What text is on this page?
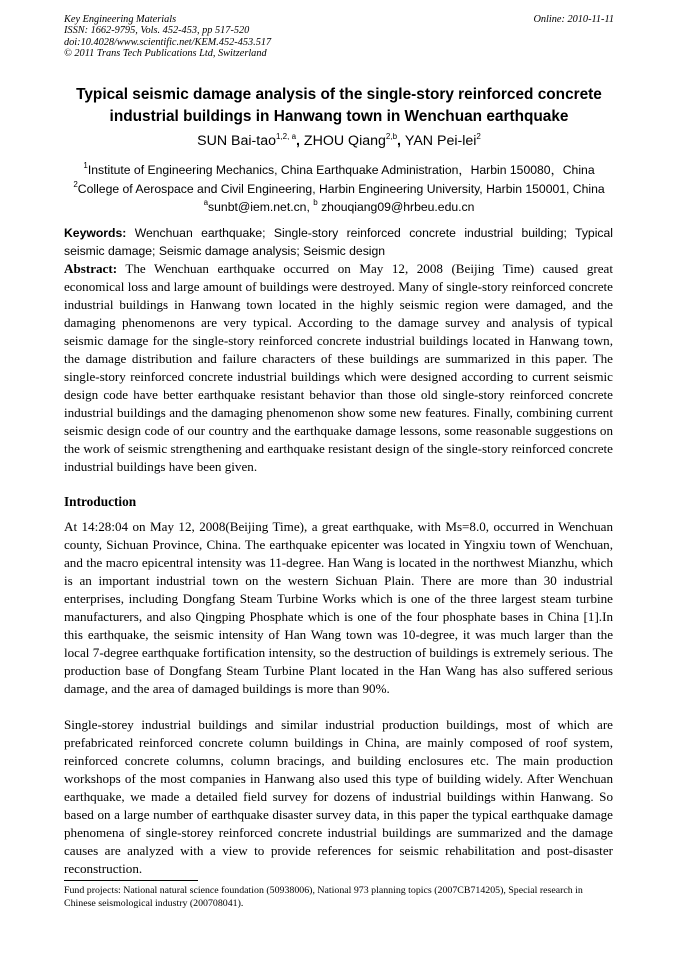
Key Engineering Materials
ISSN: 1662-9795, Vols. 452-453, pp 517-520
doi:10.4028/www.scientific.net/KEM.452-453.517
© 2011 Trans Tech Publications Ltd, Switzerland
Online: 2010-11-11
Typical seismic damage analysis of the single-story reinforced concrete industrial buildings in Hanwang town in Wenchuan earthquake
SUN Bai-tao$^{1,2, a}$, ZHOU Qiang$^{2,b}$, YAN Pei-lei$^2$
$^1$Institute of Engineering Mechanics, China Earthquake Administration，Harbin 150080，China
$^2$College of Aerospace and Civil Engineering, Harbin Engineering University, Harbin 150001, China
$^a$sunbt@iem.net.cn, $^b$ zhouqiang09@hrbeu.edu.cn
Keywords: Wenchuan earthquake; Single-story reinforced concrete industrial building; Typical seismic damage; Seismic damage analysis; Seismic design
Abstract: The Wenchuan earthquake occurred on May 12, 2008 (Beijing Time) caused great economical loss and large amount of buildings were destroyed. Many of single-story reinforced concrete industrial buildings in Hanwang town located in the highly seismic region were damaged, and the damaging phenomenons are very typical. According to the damage survey and analysis of typical seismic damage for the single-story reinforced concrete industrial buildings located in Hanwang town, the damage distribution and failure characters of these buildings are summarized in this paper. The single-story reinforced concrete industrial buildings which were designed according to current seismic design code have better earthquake resistant behavior than those old single-story reinforced concrete industrial buildings and the damaging phenomenon show some new features. Finally, combining current seismic design code of our country and the earthquake damage lessons, some reasonable suggestions on the work of seismic strengthening and earthquake resistant design of the single-story reinforced concrete industrial buildings have been given.
Introduction

At 14:28:04 on May 12, 2008(Beijing Time), a great earthquake, with Ms=8.0, occurred in Wenchuan county, Sichuan Province, China. The earthquake epicenter was located in Yingxiu town of Wenchuan, and the macro epicentral intensity was 11-degree. Han Wang is located in the northwest Mianzhu, which is an important industrial town on the western Sichuan Plain. There are more than 30 industrial enterprises, including Dongfang Steam Turbine Works which is one of the three largest steam turbine manufacturers, and also Qingping Phosphate which is one of the four phosphate bases in China [1].In this earthquake, the seismic intensity of Han Wang town was 10-degree, it was much larger than the local 7-degree earthquake fortification intensity, so the destruction of buildings is extremely serious. The production base of Dongfang Steam Turbine Plant located in the Han Wang has also suffered serious damage, and the area of damaged buildings is more than 90%.

Single-storey industrial buildings and similar industrial production buildings, most of which are prefabricated reinforced concrete column buildings in China, are mainly composed of roof system, reinforced concrete columns, column bracings, and building enclosures etc. The main production workshops of the most companies in Hanwang also used this type of building widely. After Wenchuan earthquake, we made a detailed field survey for dozens of industrial buildings within Hanwang. So based on a large number of earthquake disaster survey data, in this paper the typical earthquake damage phenomena of single-storey reinforced concrete industrial buildings are summarized and the damage causes are analyzed with a view to provide references for seismic rehabilitation and post-disaster reconstruction.

Fund projects: National natural science foundation (50938006), National 973 planning topics (2007CB714205), Special research in Chinese seismological industry (200708041).
